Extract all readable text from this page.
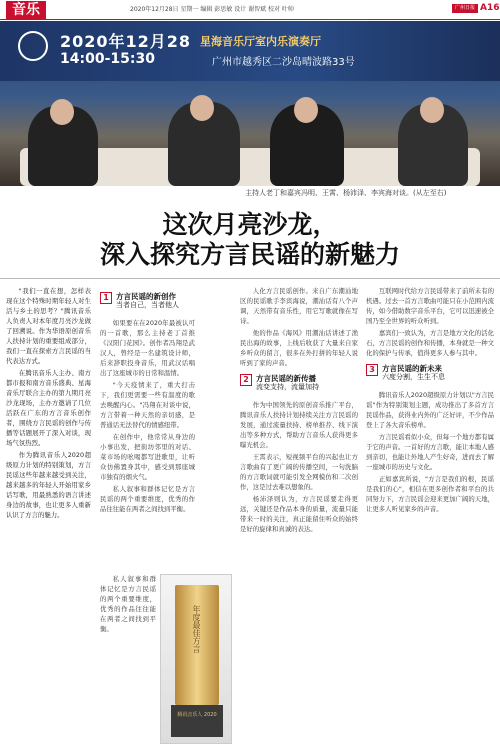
音乐	2020年12月28日 星期一 编辑 彭思敏 设计 谢智斌 校对 叶帅	广州日报 A16
2020年12月28
14:00-15:30
星海音乐厅室内乐演奏厅
广州市越秀区二沙岛晴波路33号
主持人老丁和嘉宾冯明、王霄、杨沛泽、李宾海对谈。(从左至右)
这次月亮沙龙，
深入探究方言民谣的新魅力

"我们一直在想，怎样表现在这个特殊时期年轻人对生活与乡土的思考？"腾讯音乐人负责人对本年度月亮沙龙做了回溯说。作为华语原创音乐人扶持计划的重要组成部分，我们一直在探索方言民谣的当代表达方式。

在腾讯音乐人主办、南方都市报和南方音乐盛典、星海音乐厅联合主办的第九期月亮沙龙现场，主办方邀请了几位活跃在广东的方言音乐创作者，围绕方言民谣的创作与传播等话题展开了深入对谈，现场气氛热烈。

作为腾讯音乐人2020超级原力计划的特别策划，方言民谣这些年越来越受到关注，越来越多的年轻人开始用家乡话写歌，用最熟悉的语言讲述身边的故事，也让更多人重新认识了方言的魅力。

1 方言民谣的新创作
当者自己，当者他人

如果要在在2020年最被认可的一首歌，那么主持老丁首推《汉阳门花园》。创作者冯翔是武汉人，曾经是一名建筑设计师，后来辞职投身音乐，用武汉话唱出了这座城市的日常和温情。

"今天疫情来了，重大打击下，我们更需要一些有温度的歌去唤醒内心。"冯翔在对谈中说，方言带着一种天然的亲切感，是普通话无法替代的情感纽带。

在创作中，他常常从身边的小事出发，把街坊邻里的对话、菜市场的吆喝都写进歌里，让听众仿佛置身其中，感受到那座城市独有的烟火气。

私人叙事和群体记忆是方言民谣的两个重要维度，优秀的作品往往能在两者之间找到平衡。

年度最佳方言
腾讯音乐人 2020

私人叙事和群体记忆是方言民谣的两个重要维度，优秀的作品往往能在两者之间找到平衡。

人化方言民谣创作。来自广东潮汕地区的民谣歌手李宾海说，潮汕话有八个声调，天然带有音乐性，用它写歌就像在写诗。

他的作品《海风》用潮汕话讲述了渔民出海的故事，上线后收获了大量来自家乡听众的留言，很多在外打拼的年轻人说听到了家的声音。

2 方言民谣的新传播
流变支持，流量加持

作为中国领先的原创音乐推广平台，腾讯音乐人扶持计划持续关注方言民谣的发展，通过流量扶持、榜单推荐、线下演出等多种方式，帮助方言音乐人获得更多曝光机会。

王霄表示，短视频平台的兴起也让方言歌曲有了更广阔的传播空间，一句洗脑的方言歌词就可能引发全网模仿和二次创作，这是过去难以想象的。

杨沛泽则认为，方言民谣要走得更远，关键还是作品本身的质量，流量只能带来一时的关注，真正能留住听众的始终是好的旋律和真诚的表达。

互联网时代给方言民谣带来了前所未有的机遇。过去一首方言歌曲可能只在小范围内流传，如今借助数字音乐平台，它可以迅速被全国乃至全世界的听众听到。

嘉宾们一致认为，方言是地方文化的活化石，方言民谣的创作和传播，本身就是一种文化的保护与传承，值得更多人参与其中。

3 方言民谣的新未来
六度分割，生生不息

腾讯音乐人2020超级原力计划以"方言民谣"作为特别策划主题，成功推出了多首方言民谣作品，获得业内外的广泛好评，不少作品登上了各大音乐榜单。

方言民谣看似小众，但每一个地方都有属于它的声音。一首好的方言歌，能让本地人感到亲切，也能让外地人产生好奇，进而去了解一座城市的历史与文化。

正如嘉宾所说，"方言是我们的根，民谣是我们的心"，相信在更多创作者和平台的共同努力下，方言民谣会迎来更加广阔的天地，让更多人听见家乡的声音。
